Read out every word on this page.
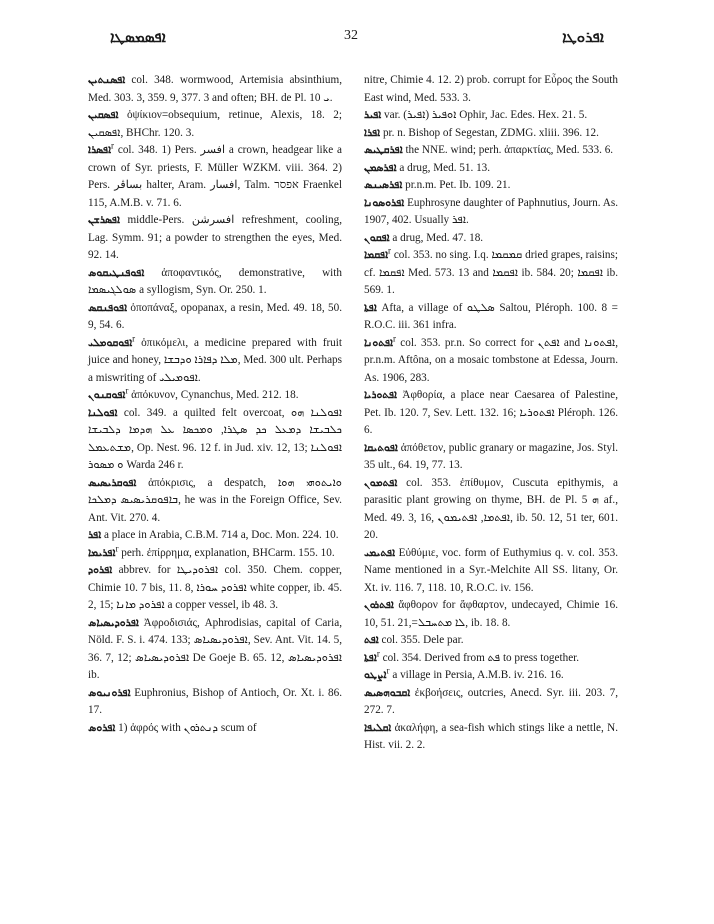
ܐܦܣܡܣܛܐ	32	ܐܦܪܘܛܐ

ܐܦܣܢܬܝܢ col. 348. wormwood, Artemisia absinthium, Med. 303. 3, 359. 9, 377. 3 and often; BH. de Pl. ܝ 10.

ܐܦܣܩܝܢ ὀψίκιον=obsequium, retinue, Alexis, 18. 2; ܐܦܣܩܝܢ, BHChr. 120. 3.

ܐܦܣܪܐ$^r$ col. 348. 1) Pers. افسر a crown, headgear like a crown of Syr. priests, F. Müller WZKM. viii. 364. 2) Pers. بساڤر halter, Aram. افسار, Talm. אפסר Fraenkel 115, A.M.B. v. 71. 6.

ܐܦܣܪܫܢ middle-Pers. افسرشن refreshment, cooling, Lag. Symm. 91; a powder to strengthen the eyes, Med. 92. 14.

ܐܦܘܦܢܛܝܩܘܣ ἀποφαντικός, demonstrative, with ܣܘܠܓܝܣܡܐ a syllogism, Syn. Or. 250. 1.

ܐܦܘܦܢܩܣ ὀποπάναξ, opopanax, a resin, Med. 49. 18, 50. 9, 54. 6.

ܐܦܘܩܘܡܠܝ$^r$ ὀπικόμελι, a medicine prepared with fruit juice and honey, ܡܠܐ ܕܦܐܪܐ ܘܕܒܫܐ, Med. 300 ult. Perhaps a miswriting of ܐܦܘܡܝܠܝ.

ܐܦܘܩܢܘܢ$^r$ ἀπόκυνον, Cynanchus, Med. 212. 18.

ܐܦܘܠܢܐ col. 349. a quilted felt overcoat, ܐܦܘܠܢܐ ܗܘ ܟܠܒܝܫܐ ܕܡܥܠ ܟܕ ܣܛܪܐ, ܘܡܟܣܐ ܥܠ ܗܕܡܐ ܕܠܒܝܫܐ ܡܫܬܥܡܠ, Op. Nest. 96. 12 f. in Jud. xiv. 12, 13; ܐܦܘܠܢܐ ܘ ܡܣܘܪ Warda 246 r.

ܐܦܘܩܪܝܣܝܣ ἀπόκρισις, a despatch, ܘܐܝܬܘܗܝ ܗܘܐ ܒܐܦܘܩܪܝܣܝܣ ܕܡܠܟܐ, he was in the Foreign Office, Sev. Ant. Vit. 270. 4.

ܐܦܪ a place in Arabia, C.B.M. 714 a, Doc. Mon. 224. 10.

ܐܦܪܝܡܐ$^r$ perh. ἐπίρρημα, explanation, BHCarm. 155. 10.

ܐܦܪܘܕ abbrev. for ܐܦܪܘܕܝܛܐ col. 350. Chem. copper, Chimie 10. 7 bis, 11. 8, ܐܦܪܘܕ ܚܘܪܐ white copper, ib. 45. 2, 15; ܐܦܪܘܕ ܡܐܢܐ a copper vessel, ib 48. 3.

ܐܦܪܘܕܝܣܝܐܣ Ἀφροδισιάς, Aphrodisias, capital of Caria, Nöld. F. S. i. 474. 133; ܐܦܪܘܕܝܣܝܐܣ, Sev. Ant. Vit. 14. 5, 36. 7, 12; ܐܦܪܘܕܝܣܝܐܣ De Goeje B. 65. 12, ܐܦܪܘܕܝܣܝܐܣ ib.

ܐܦܪܘܢܝܘܣ Euphronius, Bishop of Antioch, Or. Xt. i. 86. 17.

ܐܦܪܘܣ 1) ἀφρός with ܕܢܬܪܘܢ scum of

nitre, Chimie 4. 12. 2) prob. corrupt for Εὖρος the South East wind, Med. 533. 3.

ܐܦܝܪ var. ܐܘܦܝܪ (ܐܦܝܪ) Ophir, Jac. Edes. Hex. 21. 5.

ܐܦܪܐ pr. n. Bishop of Segestan, ZDMG. xliii. 396. 12.

ܐܦܪܩܛܝܣ the NNE. wind; perh. ἀπαρκτίας, Med. 533. 6.

ܐܦܪܣܡܢ a drug, Med. 51. 13.

ܐܦܪܣܝܢܣ pr.n.m. Pet. Ib. 109. 21.

ܐܦܪܘܣܘܢܐ Euphrosyne daughter of Paphnutius, Journ. As. 1907, 402. Usually ܐܦܪ.

ܐܦܩܘܢ a drug, Med. 47. 18.

ܐܦܩܡܐ$^r$ col. 353. no sing. I.q. ܩܡܩܡܐ dried grapes, raisins; cf. ܐܦܩܡܐ Med. 573. 13 and ܐܦܩܡܐ ib. 584. 20; ܐܦܩܡܐ ib. 569. 1.

ܐܦܬܐ Afta, a village of ܣܠܛܘ Saltou, Pléroph. 100. 8 = R.O.C. iii. 361 infra.

ܐܦܬܘܢܐ$^r$ col. 353. pr.n. So correct for ܐܦܬܢ and ܐܦܬܘܢܐ, pr.n.m. Aftôna, on a mosaic tombstone at Edessa, Journ. As. 1906, 283.

ܐܦܬܘܪܝܐ Ἀφθορία, a place near Caesarea of Palestine, Pet. Ib. 120. 7, Sev. Lett. 132. 16; ܐܦܬܘܪܝܐ Pléroph. 126. 6.

ܐܦܘܬܝܩܐ ἀπόθετον, public granary or magazine, Jos. Styl. 35 ult., 64. 19, 77. 13.

ܐܦܬܡܘܢ col. 353. ἐπίθυμον, Cuscuta epithymis, a parasitic plant growing on thyme, BH. de Pl. ܗ 5 af., Med. 49. 3, 16, ܐܦܬܡܐ, ܐܦܬܝܡܘܢ, ib. 50. 12, 51 ter, 601. 20.

ܐܦܬܝܡܝ Εὐθύμιε, voc. form of Euthymius q. v. col. 353. Name mentioned in a Syr.-Melchite All SS. litany, Or. Xt. iv. 116. 7, 118. 10, R.O.C. iv. 156.

ܐܦܬܪܘܢ ἄφθορον for ἄφθαρτον, undecayed, Chimie 16. 10, 51. 21,=ܠܐ ܡܬܚܒܠ, ib. 18. 8.

ܐܦܬ col. 355. Dele par.

ܐܦܬܐ$^r$ col. 354. Derived from ܦܬ to press together.

ܐܨܛܘ$^r$ a village in Persia, A.M.B. iv. 216. 16.

ܐܩܒܘܗܣܝܣ ἐκβοήσεις, outcries, Anecd. Syr. iii. 203. 7, 272. 7.

ܐܩܠܝܦܐ ἀκαλήφη, a sea-fish which stings like a nettle, N. Hist. vii. 2. 2.
